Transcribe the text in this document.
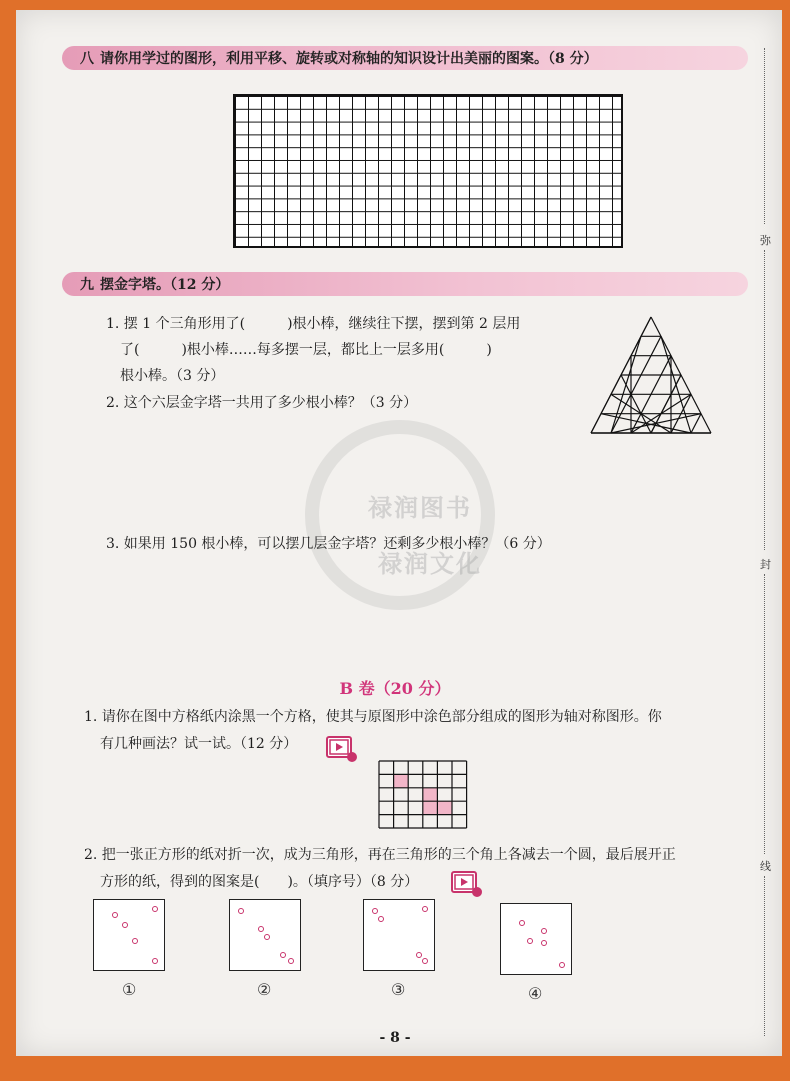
禄润图书
禄润文化
八 请你用学过的图形，利用平移、旋转或对称轴的知识设计出美丽的图案。（8 分）
九 摆金字塔。（12 分）
1. 摆 1 个三角形用了(　　　)根小棒，继续往下摆，摆到第 2 层用
了(　　　)根小棒……每多摆一层，都比上一层多用(　　　)
根小棒。（3 分）
2. 这个六层金字塔一共用了多少根小棒？（3 分）
3. 如果用 150 根小棒，可以摆几层金字塔？还剩多少根小棒？（6 分）
B 卷（20 分）
1. 请你在图中方格纸内涂黑一个方格，使其与原图形中涂色部分组成的图形为轴对称图形。你
有几种画法？试一试。（12 分）
2. 把一张正方形的纸对折一次，成为三角形，再在三角形的三个角上各减去一个圆，最后展开正
方形的纸，得到的图案是(　　)。（填序号）（8 分）
①	②	③	④
- 8 -
弥
封
线
